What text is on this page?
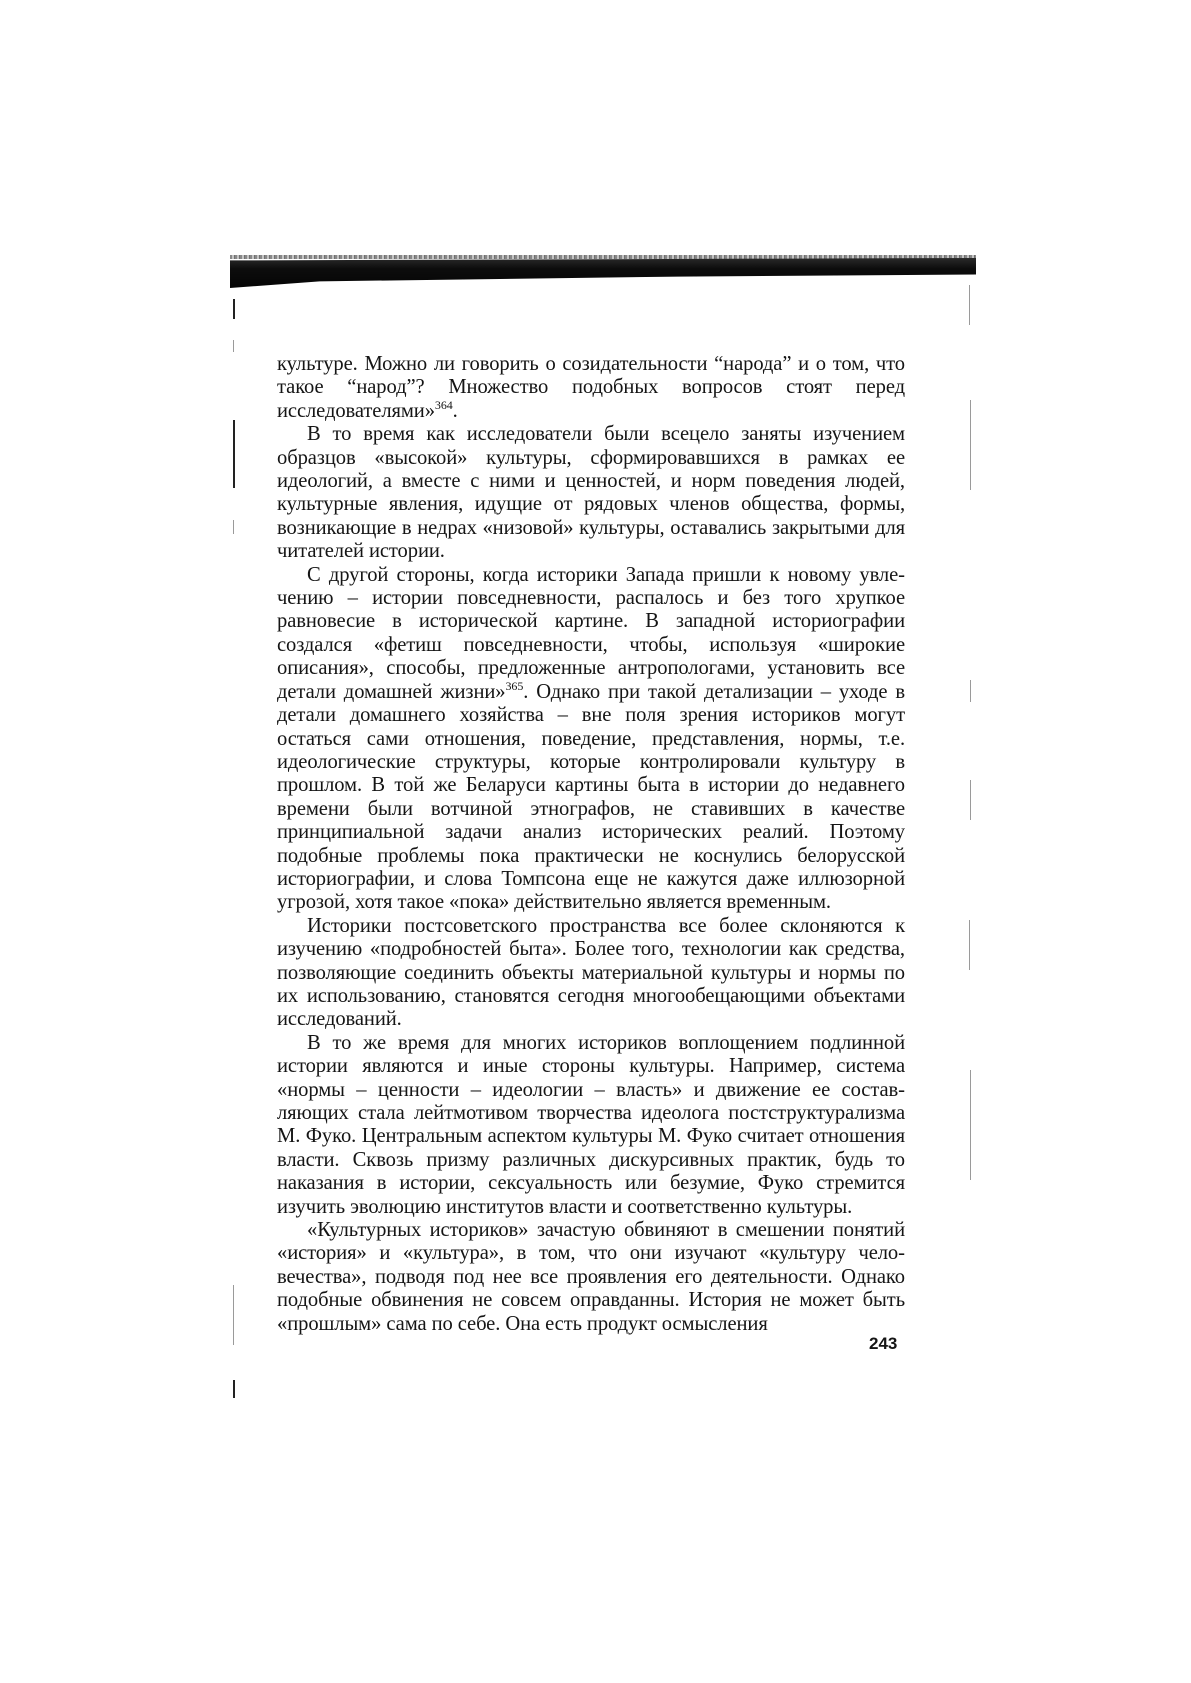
культуре. Можно ли говорить о созидательности “народа” и о том, что такое “народ”? Множество подобных вопросов стоят перед исследователями»$^{364}$.

В то время как исследователи были всецело заняты изучением образцов «высокой» культуры, сформировавшихся в рамках ее идеологий, а вместе с ними и ценностей, и норм поведения людей, культурные явления, идущие от рядовых членов общества, формы, возникающие в недрах «низовой» культуры, оставались закрытыми для читателей истории.

С другой стороны, когда историки Запада пришли к новому увлечению – истории повседневности, распалось и без того хрупкое равновесие в исторической картине. В западной историографии создался «фетиш повседневности, чтобы, используя «широкие описания», способы, предложенные антропологами, установить все детали домашней жизни»$^{365}$. Однако при такой детализации – уходе в детали домашнего хозяйства – вне поля зрения историков могут остаться сами отношения, поведение, представления, нормы, т.е. идеологические структуры, которые контролировали культуру в прошлом. В той же Беларуси картины быта в истории до недавнего времени были вотчиной этнографов, не ставивших в качестве принципиальной задачи анализ исторических реалий. Поэтому подобные проблемы пока практически не коснулись белорусской историографии, и слова Томпсона еще не кажутся даже иллюзорной угрозой, хотя такое «пока» действительно является временным.

Историки постсоветского пространства все более склоняются к изучению «подробностей быта». Более того, технологии как средства, позволяющие соединить объекты материальной культуры и нормы по их использованию, становятся сегодня многообещающими объектами исследований.

В то же время для многих историков воплощением подлинной истории являются и иные стороны культуры. Например, система «нормы – ценности – идеологии – власть» и движение ее составляющих стала лейтмотивом творчества идеолога постструктурализма М. Фуко. Центральным аспектом культуры М. Фуко считает отношения власти. Сквозь призму различных дискурсивных практик, будь то наказания в истории, сексуальность или безумие, Фуко стремится изучить эволюцию институтов власти и соответственно культуры.

«Культурных историков» зачастую обвиняют в смешении понятий «история» и «культура», в том, что они изучают «культуру человечества», подводя под нее все проявления его деятельности. Однако подобные обвинения не совсем оправданны. История не может быть «прошлым» сама по себе. Она есть продукт осмысления

243
